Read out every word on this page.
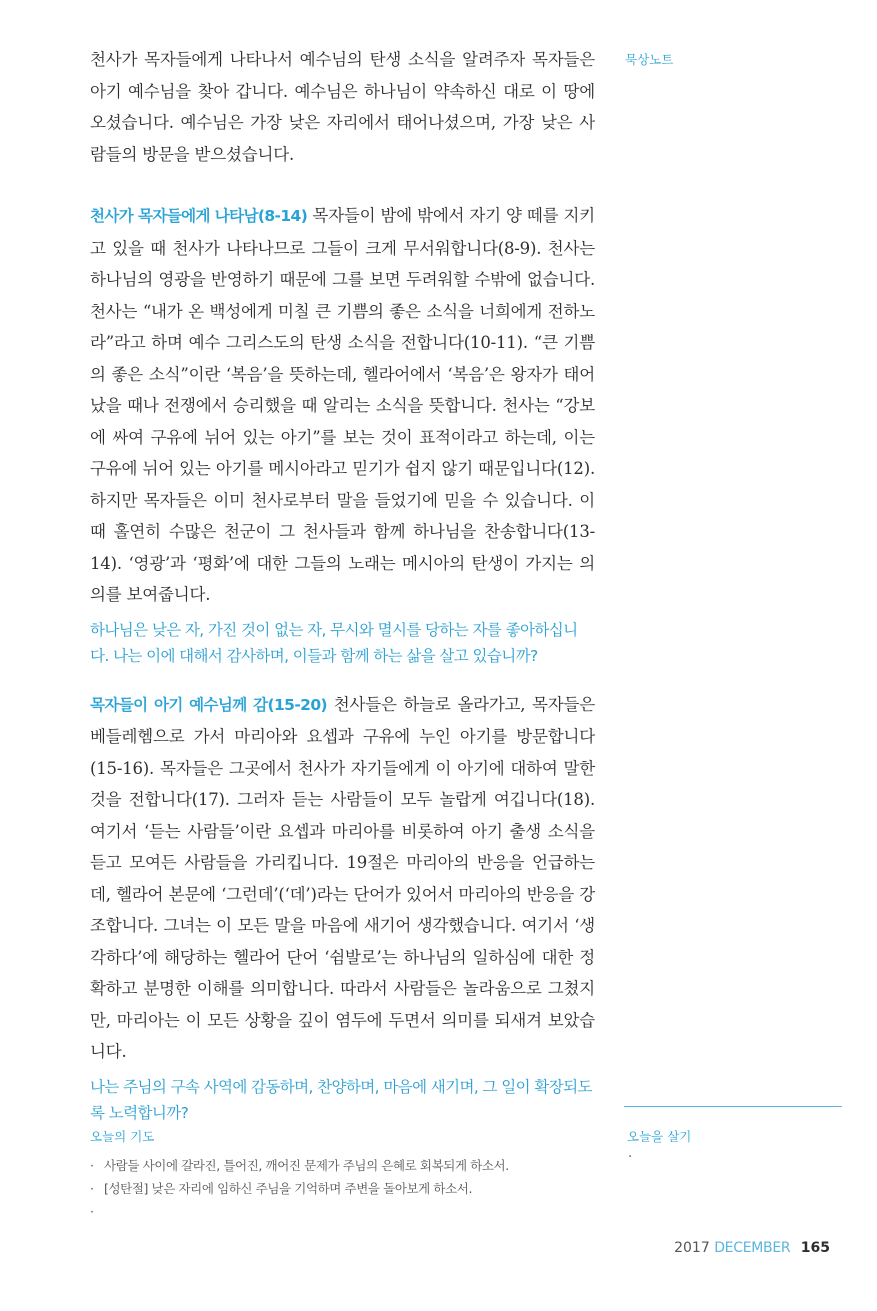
천사가 목자들에게 나타나서 예수님의 탄생 소식을 알려주자 목자들은 아기 예수님을 찾아 갑니다. 예수님은 하나님이 약속하신 대로 이 땅에 오셨습니다. 예수님은 가장 낮은 자리에서 태어나셨으며, 가장 낮은 사람들의 방문을 받으셨습니다.

천사가 목자들에게 나타남(8-14) 목자들이 밤에 밖에서 자기 양 떼를 지키고 있을 때 천사가 나타나므로 그들이 크게 무서워합니다(8-9). 천사는 하나님의 영광을 반영하기 때문에 그를 보면 두려워할 수밖에 없습니다. 천사는 “내가 온 백성에게 미칠 큰 기쁨의 좋은 소식을 너희에게 전하노라”라고 하며 예수 그리스도의 탄생 소식을 전합니다(10-11). “큰 기쁨의 좋은 소식”이란 ‘복음’을 뜻하는데, 헬라어에서 ‘복음’은 왕자가 태어났을 때나 전쟁에서 승리했을 때 알리는 소식을 뜻합니다. 천사는 “강보에 싸여 구유에 뉘어 있는 아기”를 보는 것이 표적이라고 하는데, 이는 구유에 뉘어 있는 아기를 메시아라고 믿기가 쉽지 않기 때문입니다(12). 하지만 목자들은 이미 천사로부터 말을 들었기에 믿을 수 있습니다. 이때 홀연히 수많은 천군이 그 천사들과 함께 하나님을 찬송합니다(13-14). ‘영광’과 ‘평화’에 대한 그들의 노래는 메시아의 탄생이 가지는 의의를 보여줍니다.

하나님은 낮은 자, 가진 것이 없는 자, 무시와 멸시를 당하는 자를 좋아하십니다. 나는 이에 대해서 감사하며, 이들과 함께 하는 삶을 살고 있습니까?

목자들이 아기 예수님께 감(15-20) 천사들은 하늘로 올라가고, 목자들은 베들레헴으로 가서 마리아와 요셉과 구유에 누인 아기를 방문합니다(15-16). 목자들은 그곳에서 천사가 자기들에게 이 아기에 대하여 말한 것을 전합니다(17). 그러자 듣는 사람들이 모두 놀랍게 여깁니다(18). 여기서 ‘듣는 사람들’이란 요셉과 마리아를 비롯하여 아기 출생 소식을 듣고 모여든 사람들을 가리킵니다. 19절은 마리아의 반응을 언급하는데, 헬라어 본문에 ‘그런데’(‘데’)라는 단어가 있어서 마리아의 반응을 강조합니다. 그녀는 이 모든 말을 마음에 새기어 생각했습니다. 여기서 ‘생각하다’에 해당하는 헬라어 단어 ‘쉼발로’는 하나님의 일하심에 대한 정확하고 분명한 이해를 의미합니다. 따라서 사람들은 놀라움으로 그쳤지만, 마리아는 이 모든 상황을 깊이 염두에 두면서 의미를 되새겨 보았습니다.

나는 주님의 구속 사역에 감동하며, 찬양하며, 마음에 새기며, 그 일이 확장되도록 노력합니까?

묵상노트
오늘을 살기
·
오늘의 기도
· 사람들 사이에 갈라진, 틀어진, 깨어진 문제가 주님의 은혜로 회복되게 하소서.
· [성탄절] 낮은 자리에 임하신 주님을 기억하며 주변을 돌아보게 하소서.
·
2017 DECEMBER 165
